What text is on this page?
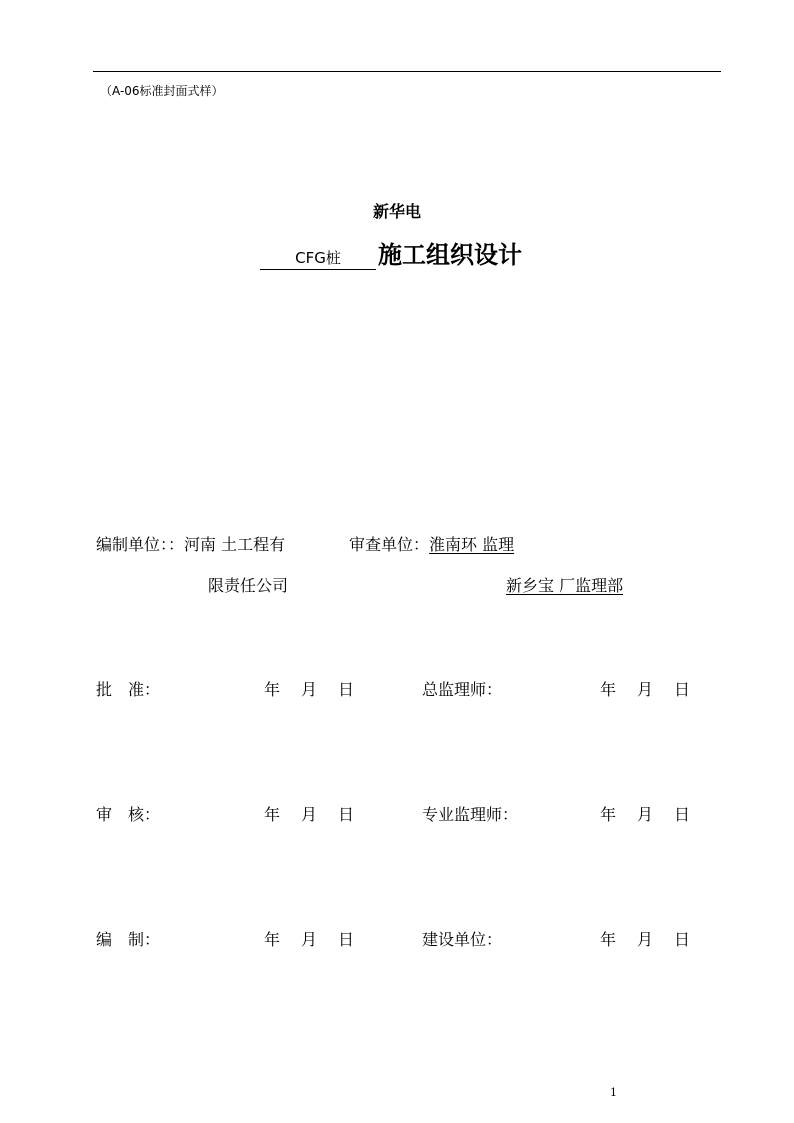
（A-06标准封面式样）
新华电
CFG桩 施工组织设计
编制单位：：河南 土工程有
限责任公司
审查单位：淮南环 监理
新乡宝 厂监理部
批　准：	年 月 日	总监理师：	年 月 日
审　核：	年 月 日	专业监理师：	年 月 日
编　制：	年 月 日	建设单位：	年 月 日
1
